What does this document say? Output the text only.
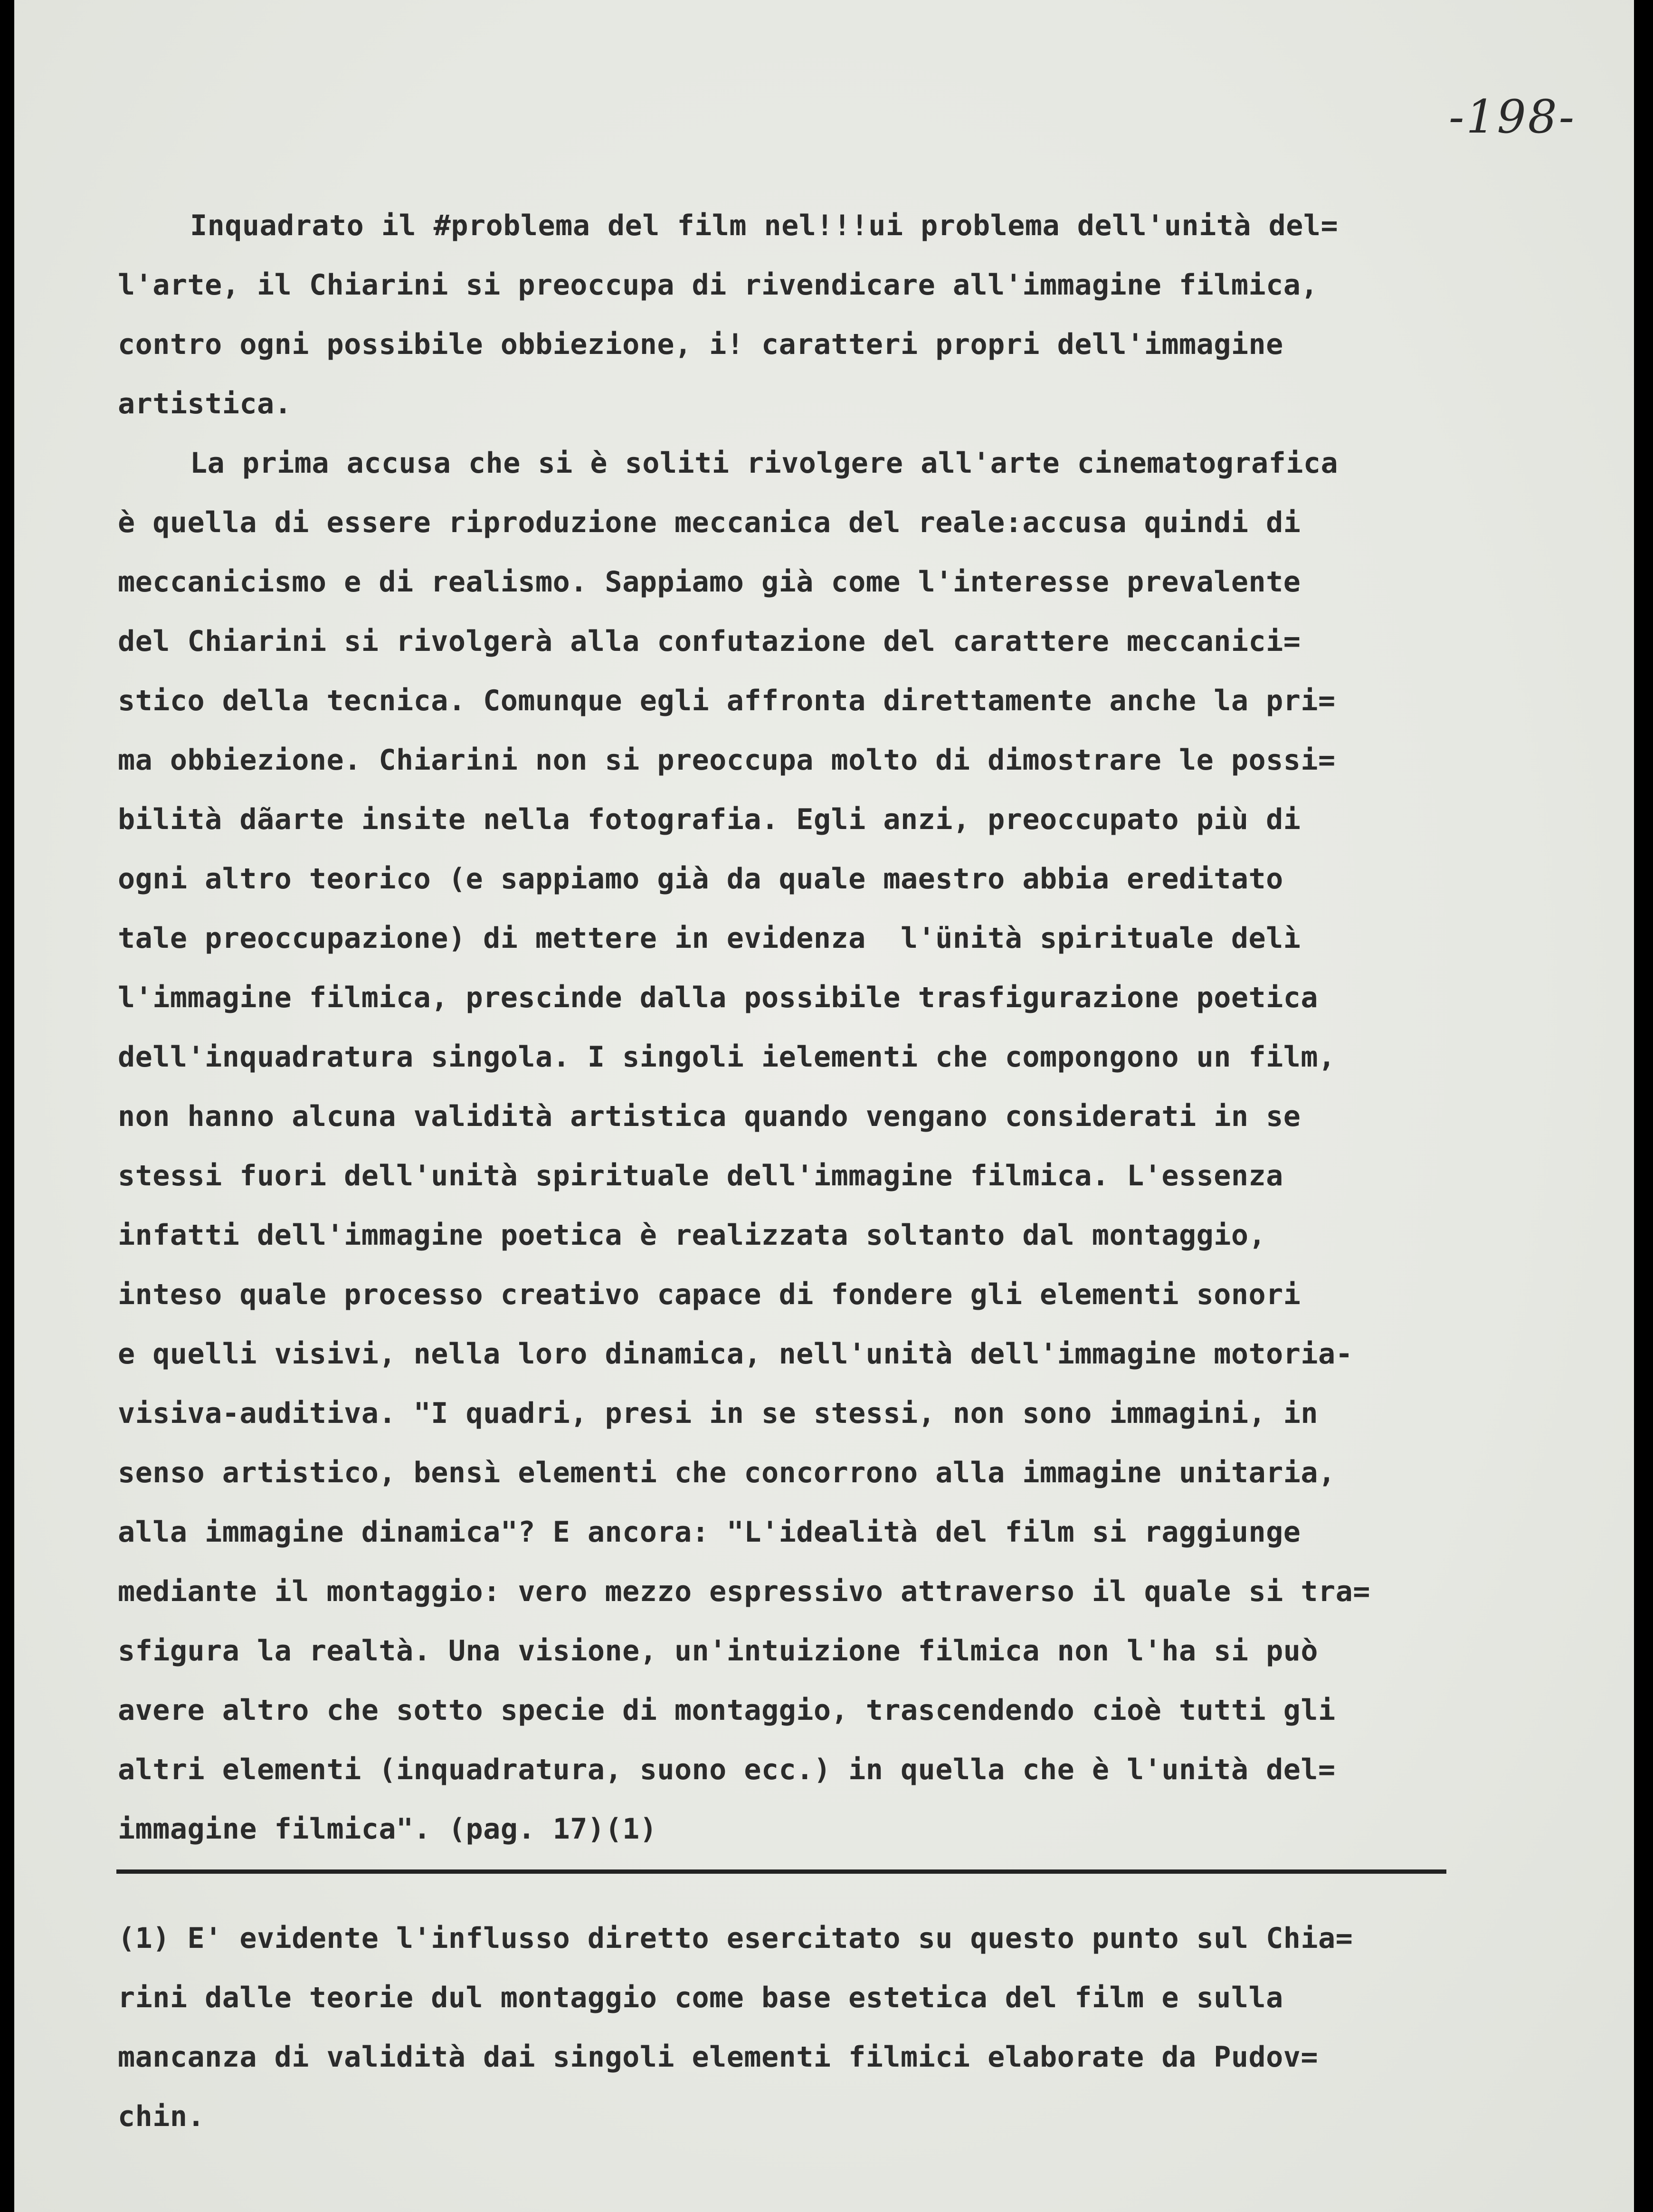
-198-

Inquadrato il #problema del film nel!!!ui problema dell'unità del=

l'arte, il Chiarini si preoccupa di rivendicare all'immagine filmica,

contro ogni possibile obbiezione, i! caratteri propri dell'immagine

artistica.

La prima accusa che si è soliti rivolgere all'arte cinematografica

è quella di essere riproduzione meccanica del reale:accusa quindi di

meccanicismo e di realismo. Sappiamo già come l'interesse prevalente

del Chiarini si rivolgerà alla confutazione del carattere meccanici=

stico della tecnica. Comunque egli affronta direttamente anche la pri=

ma obbiezione. Chiarini non si preoccupa molto di dimostrare le possi=

bilità dãarte insite nella fotografia. Egli anzi, preoccupato più di

ogni altro teorico (e sappiamo già da quale maestro abbia ereditato

tale preoccupazione) di mettere in evidenza  l'ünità spirituale delì

l'immagine filmica, prescinde dalla possibile trasfigurazione poetica

dell'inquadratura singola. I singoli ielementi che compongono un film,

non hanno alcuna validità artistica quando vengano considerati in se

stessi fuori dell'unità spirituale dell'immagine filmica. L'essenza

infatti dell'immagine poetica è realizzata soltanto dal montaggio,

inteso quale processo creativo capace di fondere gli elementi sonori

e quelli visivi, nella loro dinamica, nell'unità dell'immagine motoria-

visiva-auditiva. "I quadri, presi in se stessi, non sono immagini, in

senso artistico, bensì elementi che concorrono alla immagine unitaria,

alla immagine dinamica"? E ancora: "L'idealità del film si raggiunge

mediante il montaggio: vero mezzo espressivo attraverso il quale si tra=

sfigura la realtà. Una visione, un'intuizione filmica non l'ha si può

avere altro che sotto specie di montaggio, trascendendo cioè tutti gli

altri elementi (inquadratura, suono ecc.) in quella che è l'unità del=

immagine filmica". (pag. 17)(1)

(1) E' evidente l'influsso diretto esercitato su questo punto sul Chia=

rini dalle teorie dul montaggio come base estetica del film e sulla

mancanza di validità dai singoli elementi filmici elaborate da Pudov=

chin.
